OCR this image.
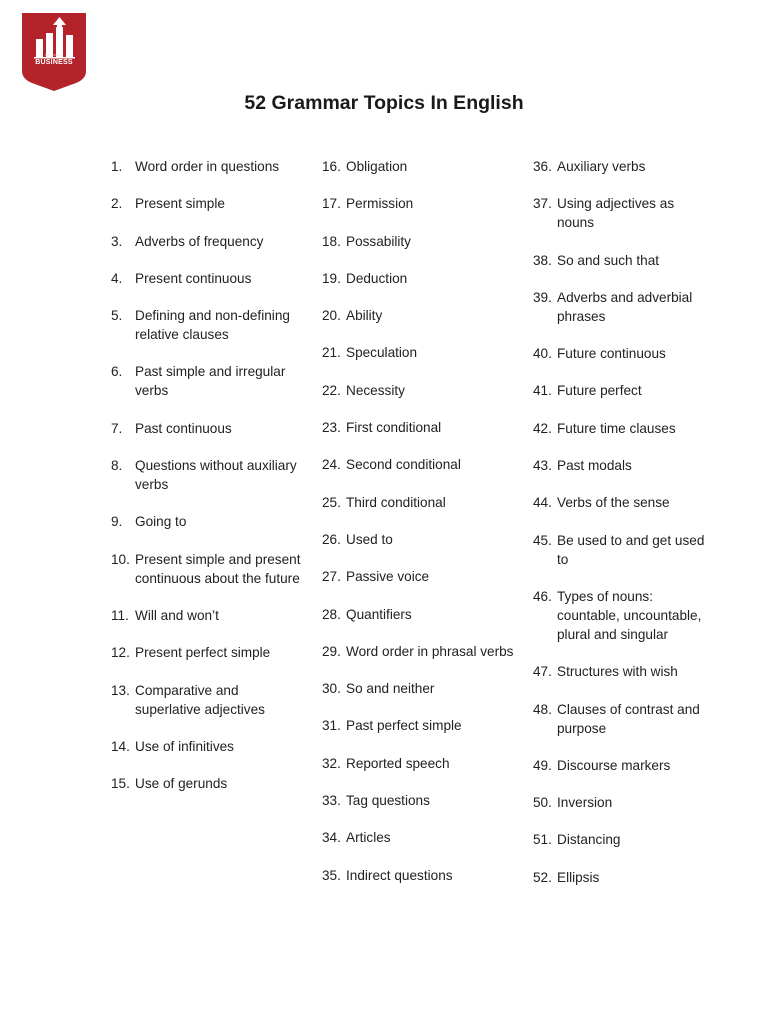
WE SPEAK
BUSINESS
52 Grammar Topics In English
1. Word order in questions
2. Present simple
3. Adverbs of frequency
4. Present continuous
5. Defining and non-defining relative clauses
6. Past simple and irregular verbs
7. Past continuous
8. Questions without auxiliary verbs
9. Going to
10. Present simple and present continuous about the future
11. Will and won’t
12. Present perfect simple
13. Comparative and superlative adjectives
14. Use of infinitives
15. Use of gerunds
16. Obligation
17. Permission
18. Possability
19. Deduction
20. Ability
21. Speculation
22. Necessity
23. First conditional
24. Second conditional
25. Third conditional
26. Used to
27. Passive voice
28. Quantifiers
29. Word order in phrasal verbs
30. So and neither
31. Past perfect simple
32. Reported speech
33. Tag questions
34. Articles
35. Indirect questions
36. Auxiliary verbs
37. Using adjectives as nouns
38. So and such that
39. Adverbs and adverbial phrases
40. Future continuous
41. Future perfect
42. Future time clauses
43. Past modals
44. Verbs of the sense
45. Be used to and get used to
46. Types of nouns: countable, uncountable, plural and singular
47. Structures with wish
48. Clauses of contrast and purpose
49. Discourse markers
50. Inversion
51. Distancing
52. Ellipsis
